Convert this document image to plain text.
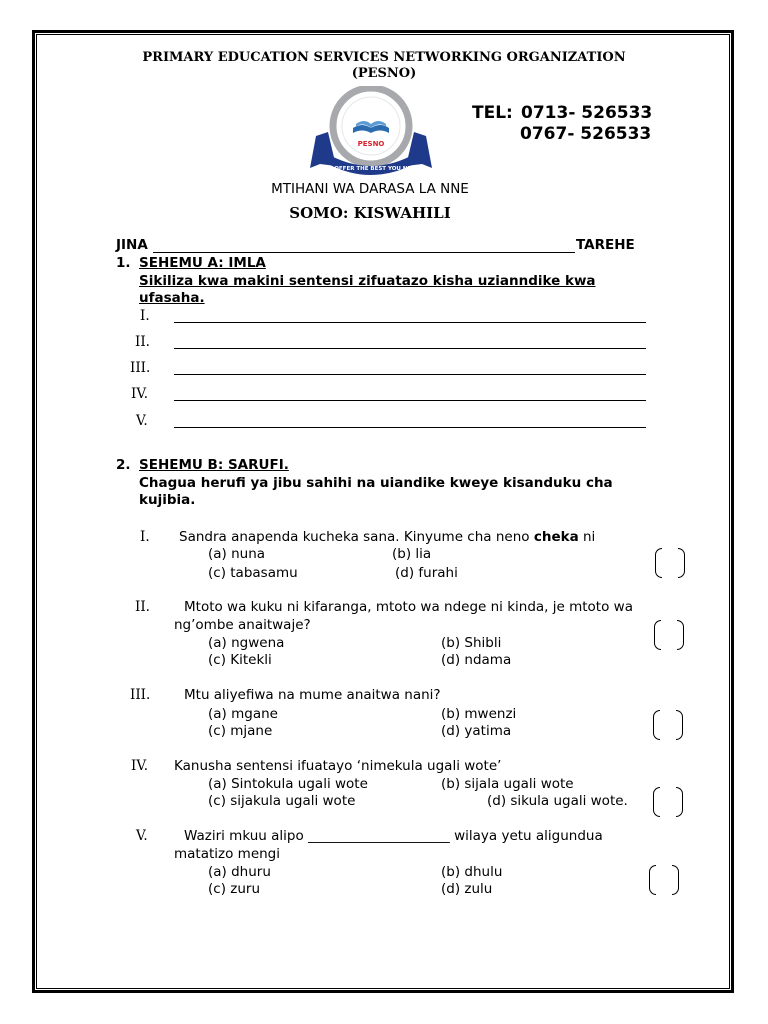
PRIMARY EDUCATION SERVICES NETWORKING ORGANIZATION
(PESNO)
PESNO
WE OFFER THE BEST YOU NEED
TEL: 0713- 526533
0767- 526533
MTIHANI WA DARASA LA NNE
SOMO: KISWAHILI
JINA	TAREHE
1. SEHEMU A: IMLA
Sikiliza kwa makini sentensi zifuatazo kisha uzianndike kwa
ufasaha.
I.
II.
III.
IV.
V.
2. SEHEMU B: SARUFI.
Chagua herufi ya jibu sahihi na uiandike kweye kisanduku cha
kujibia.
I. Sandra anapenda kucheka sana. Kinyume cha neno cheka ni
(a) nuna	(b) lia
(c) tabasamu	(d) furahi
II.	Mtoto wa kuku ni kifaranga, mtoto wa ndege ni kinda, je mtoto wa
ng’ombe anaitwaje?
(a) ngwena	(b) Shibli
(c) Kitekli	(d) ndama
III. Mtu aliyefiwa na mume anaitwa nani?
(a) mgane	(b) mwenzi
(c) mjane	(d) yatima
IV. Kanusha sentensi ifuatayo ‘nimekula ugali wote’
(a) Sintokula ugali wote	(b) sijala ugali wote
(c) sijakula ugali wote	(d) sikula ugali wote.
V.	Waziri mkuu alipo _____________________ wilaya yetu aligundua
matatizo mengi
(a) dhuru	(b) dhulu
(c) zuru	(d) zulu
